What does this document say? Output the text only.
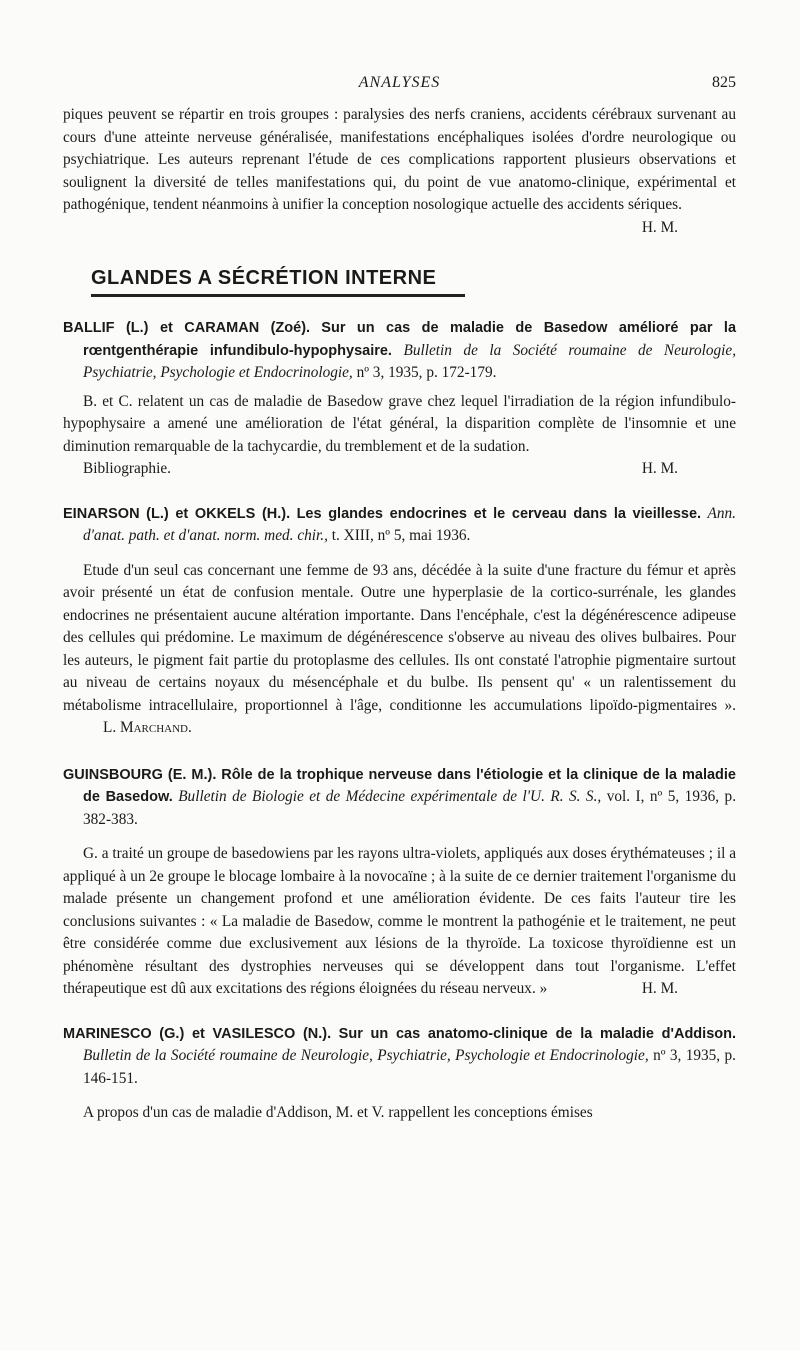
ANALYSES	825

piques peuvent se répartir en trois groupes : paralysies des nerfs craniens, accidents cérébraux survenant au cours d'une atteinte nerveuse généralisée, manifestations encéphaliques isolées d'ordre neurologique ou psychiatrique. Les auteurs reprenant l'étude de ces complications rapportent plusieurs observations et soulignent la diversité de telles manifestations qui, du point de vue anatomo-clinique, expérimental et pathogénique, tendent néanmoins à unifier la conception nosologique actuelle des accidents sériques.
H. M.

GLANDES A SÉCRÉTION INTERNE
BALLIF (L.) et CARAMAN (Zoé). Sur un cas de maladie de Basedow amélioré par la rœntgenthérapie infundibulo-hypophysaire. Bulletin de la Société roumaine de Neurologie, Psychiatrie, Psychologie et Endocrinologie, nº 3, 1935, p. 172-179.

B. et C. relatent un cas de maladie de Basedow grave chez lequel l'irradiation de la région infundibulo-hypophysaire a amené une amélioration de l'état général, la disparition complète de l'insomnie et une diminution remarquable de la tachycardie, du tremblement et de la sudation.

Bibliographie.	H. M.

EINARSON (L.) et OKKELS (H.). Les glandes endocrines et le cerveau dans la vieillesse. Ann. d'anat. path. et d'anat. norm. med. chir., t. XIII, nº 5, mai 1936.

Etude d'un seul cas concernant une femme de 93 ans, décédée à la suite d'une fracture du fémur et après avoir présenté un état de confusion mentale. Outre une hyperplasie de la cortico-surrénale, les glandes endocrines ne présentaient aucune altération importante. Dans l'encéphale, c'est la dégénérescence adipeuse des cellules qui prédomine. Le maximum de dégénérescence s'observe au niveau des olives bulbaires. Pour les auteurs, le pigment fait partie du protoplasme des cellules. Ils ont constaté l'atrophie pigmentaire surtout au niveau de certains noyaux du mésencéphale et du bulbe. Ils pensent qu' « un ralentissement du métabolisme intracellulaire, proportionnel à l'âge, conditionne les accumulations lipoïdo-pigmentaires ». L. Marchand.

GUINSBOURG (E. M.). Rôle de la trophique nerveuse dans l'étiologie et la clinique de la maladie de Basedow. Bulletin de Biologie et de Médecine expérimentale de l'U. R. S. S., vol. I, nº 5, 1936, p. 382-383.

G. a traité un groupe de basedowiens par les rayons ultra-violets, appliqués aux doses érythémateuses ; il a appliqué à un 2e groupe le blocage lombaire à la novocaïne ; à la suite de ce dernier traitement l'organisme du malade présente un changement profond et une amélioration évidente. De ces faits l'auteur tire les conclusions suivantes : « La maladie de Basedow, comme le montrent la pathogénie et le traitement, ne peut être considérée comme due exclusivement aux lésions de la thyroïde. La toxicose thyroïdienne est un phénomène résultant des dystrophies nerveuses qui se développent dans tout l'organisme. L'effet thérapeutique est dû aux excitations des régions éloignées du réseau nerveux. »	H. M.

MARINESCO (G.) et VASILESCO (N.). Sur un cas anatomo-clinique de la maladie d'Addison. Bulletin de la Société roumaine de Neurologie, Psychiatrie, Psychologie et Endocrinologie, nº 3, 1935, p. 146-151.

A propos d'un cas de maladie d'Addison, M. et V. rappellent les conceptions émises
